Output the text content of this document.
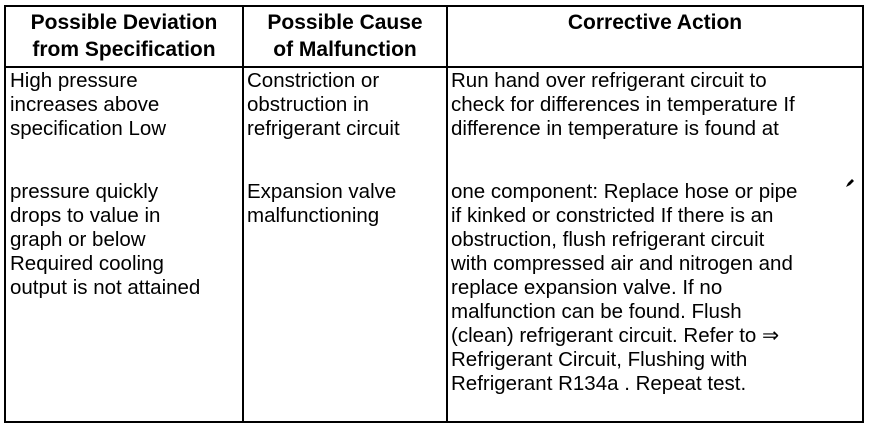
Possible Deviation
from Specification
Possible Cause
of Malfunction
Corrective Action
High pressure
increases above
specification Low
pressure quickly
drops to value in
graph or below
Required cooling
output is not attained
Constriction or
obstruction in
refrigerant circuit
Expansion valve
malfunctioning
Run hand over refrigerant circuit to
check for differences in temperature If
difference in temperature is found at
one component: Replace hose or pipe
if kinked or constricted If there is an
obstruction, flush refrigerant circuit
with compressed air and nitrogen and
replace expansion valve. If no
malfunction can be found. Flush
(clean) refrigerant circuit. Refer to ⇒
Refrigerant Circuit, Flushing with
Refrigerant R134a . Repeat test.
